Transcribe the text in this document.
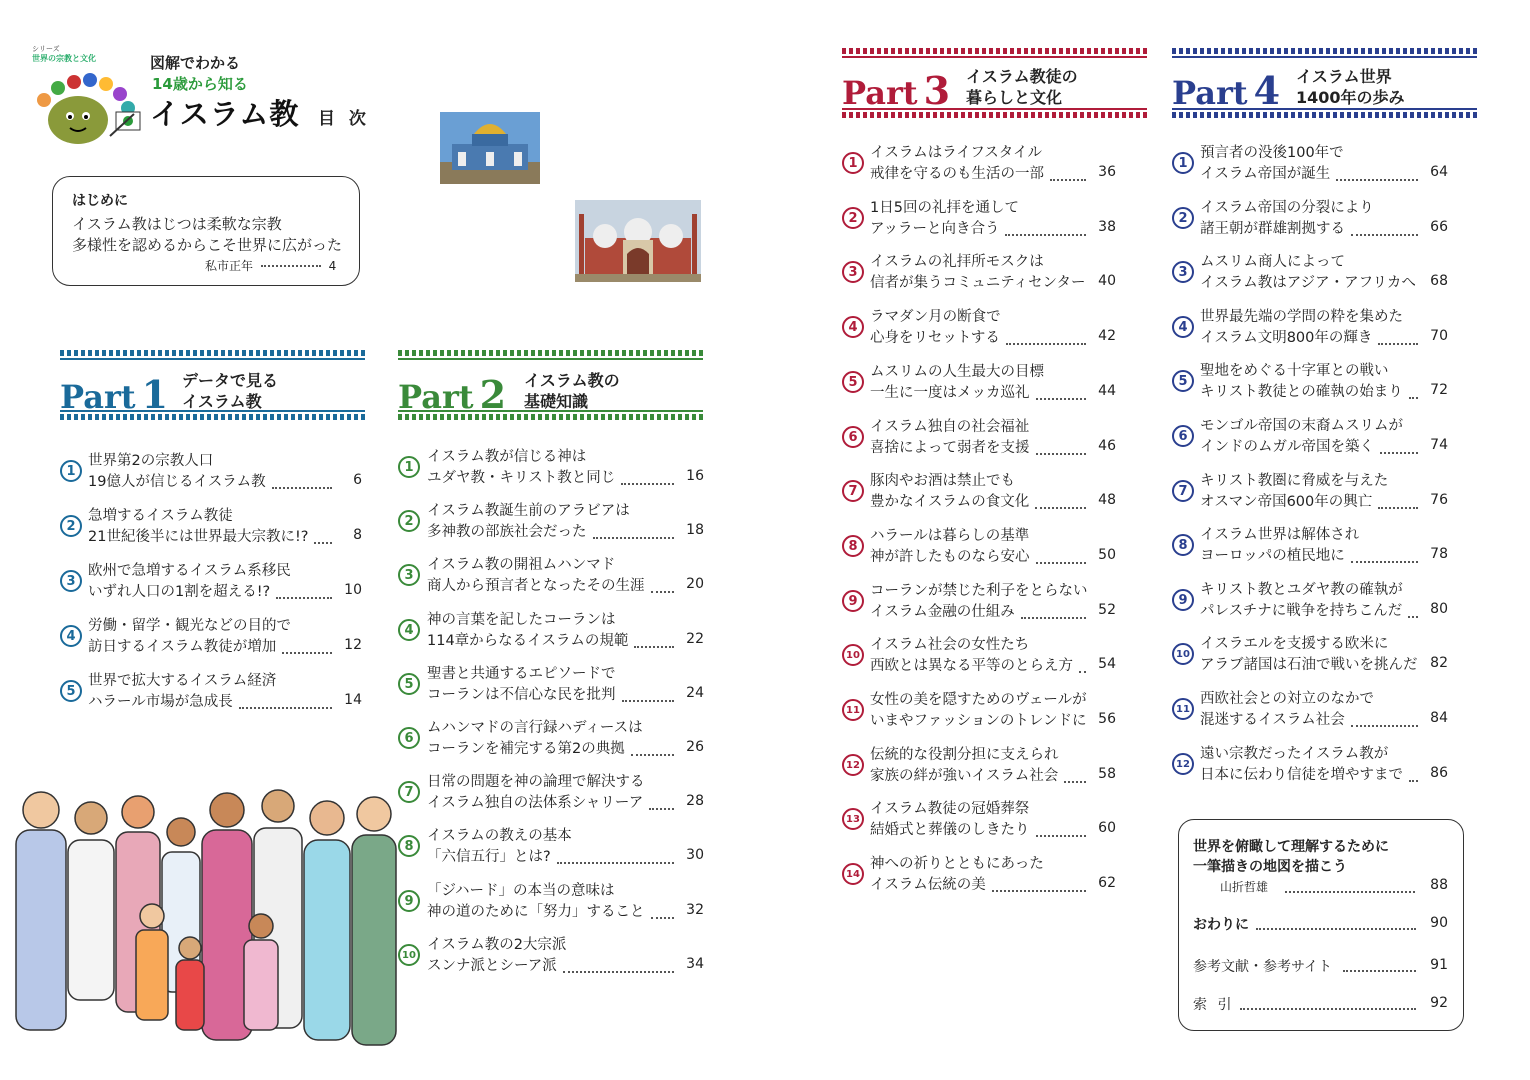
シリーズ
世界の宗教と文化	図解でわかる
14歳から知る
イスラム教 目 次
はじめに
イスラム教はじつは柔軟な宗教
多様性を認めるからこそ世界に広がった
私市正年	4
Part 1 データで見る
イスラム教
1
世界第2の宗教人口
19億人が信じるイスラム教	6
2
急増するイスラム教徒
21世紀後半には世界最大宗教に!?	8
3
欧州で急増するイスラム系移民
いずれ人口の1割を超える!?	10
4
労働・留学・観光などの目的で
訪日するイスラム教徒が増加	12
5
世界で拡大するイスラム経済
ハラール市場が急成長	14
Part 2 イスラム教の
基礎知識
1
イスラム教が信じる神は
ユダヤ教・キリスト教と同じ	16
2
イスラム教誕生前のアラビアは
多神教の部族社会だった	18
3
イスラム教の開祖ムハンマド
商人から預言者となったその生涯	20
4
神の言葉を記したコーランは
114章からなるイスラムの規範	22
5
聖書と共通するエピソードで
コーランは不信心な民を批判	24
6
ムハンマドの言行録ハディースは
コーランを補完する第2の典拠	26
7
日常の問題を神の論理で解決する
イスラム独自の法体系シャリーア	28
8
イスラムの教えの基本
「六信五行」とは?	30
9
「ジハード」の本当の意味は
神の道のために「努力」すること	32
10
イスラム教の2大宗派
スンナ派とシーア派	34
Part 3 イスラム教徒の
暮らしと文化
1
イスラムはライフスタイル
戒律を守るのも生活の一部	36
2
1日5回の礼拝を通して
アッラーと向き合う	38
3
イスラムの礼拝所モスクは
信者が集うコミュニティセンター 40
4
ラマダン月の断食で
心身をリセットする	42
5
ムスリムの人生最大の目標
一生に一度はメッカ巡礼	44
6
イスラム独自の社会福祉
喜捨によって弱者を支援	46
7
豚肉やお酒は禁止でも
豊かなイスラムの食文化	48
8
ハラールは暮らしの基準
神が許したものなら安心	50
9
コーランが禁じた利子をとらない
イスラム金融の仕組み	52
10
イスラム社会の女性たち
西欧とは異なる平等のとらえ方	54
11
女性の美を隠すためのヴェールが
いまやファッションのトレンドに 56
12
伝統的な役割分担に支えられ
家族の絆が強いイスラム社会	58
13
イスラム教徒の冠婚葬祭
結婚式と葬儀のしきたり	60
14
神への祈りとともにあった
イスラム伝統の美	62
Part 4 イスラム世界
1400年の歩み
1
預言者の没後100年で
イスラム帝国が誕生	64
2
イスラム帝国の分裂により
諸王朝が群雄割拠する	66
3
ムスリム商人によって
イスラム教はアジア・アフリカへ	68
4
世界最先端の学問の粋を集めた
イスラム文明800年の輝き	70
5
聖地をめぐる十字軍との戦い
キリスト教徒との確執の始まり	72
6
モンゴル帝国の末裔ムスリムが
インドのムガル帝国を築く	74
7
キリスト教圏に脅威を与えた
オスマン帝国600年の興亡	76
8
イスラム世界は解体され
ヨーロッパの植民地に	78
9
キリスト教とユダヤ教の確執が
パレスチナに戦争を持ちこんだ	80
10
イスラエルを支援する欧米に
アラブ諸国は石油で戦いを挑んだ 82
11
西欧社会との対立のなかで
混迷するイスラム社会	84
12
遠い宗教だったイスラム教が
日本に伝わり信徒を増やすまで	86
世界を俯瞰して理解するために
一筆描きの地図を描こう
山折哲雄	88
おわりに	90
参考文献・参考サイト	91
索 引	92
